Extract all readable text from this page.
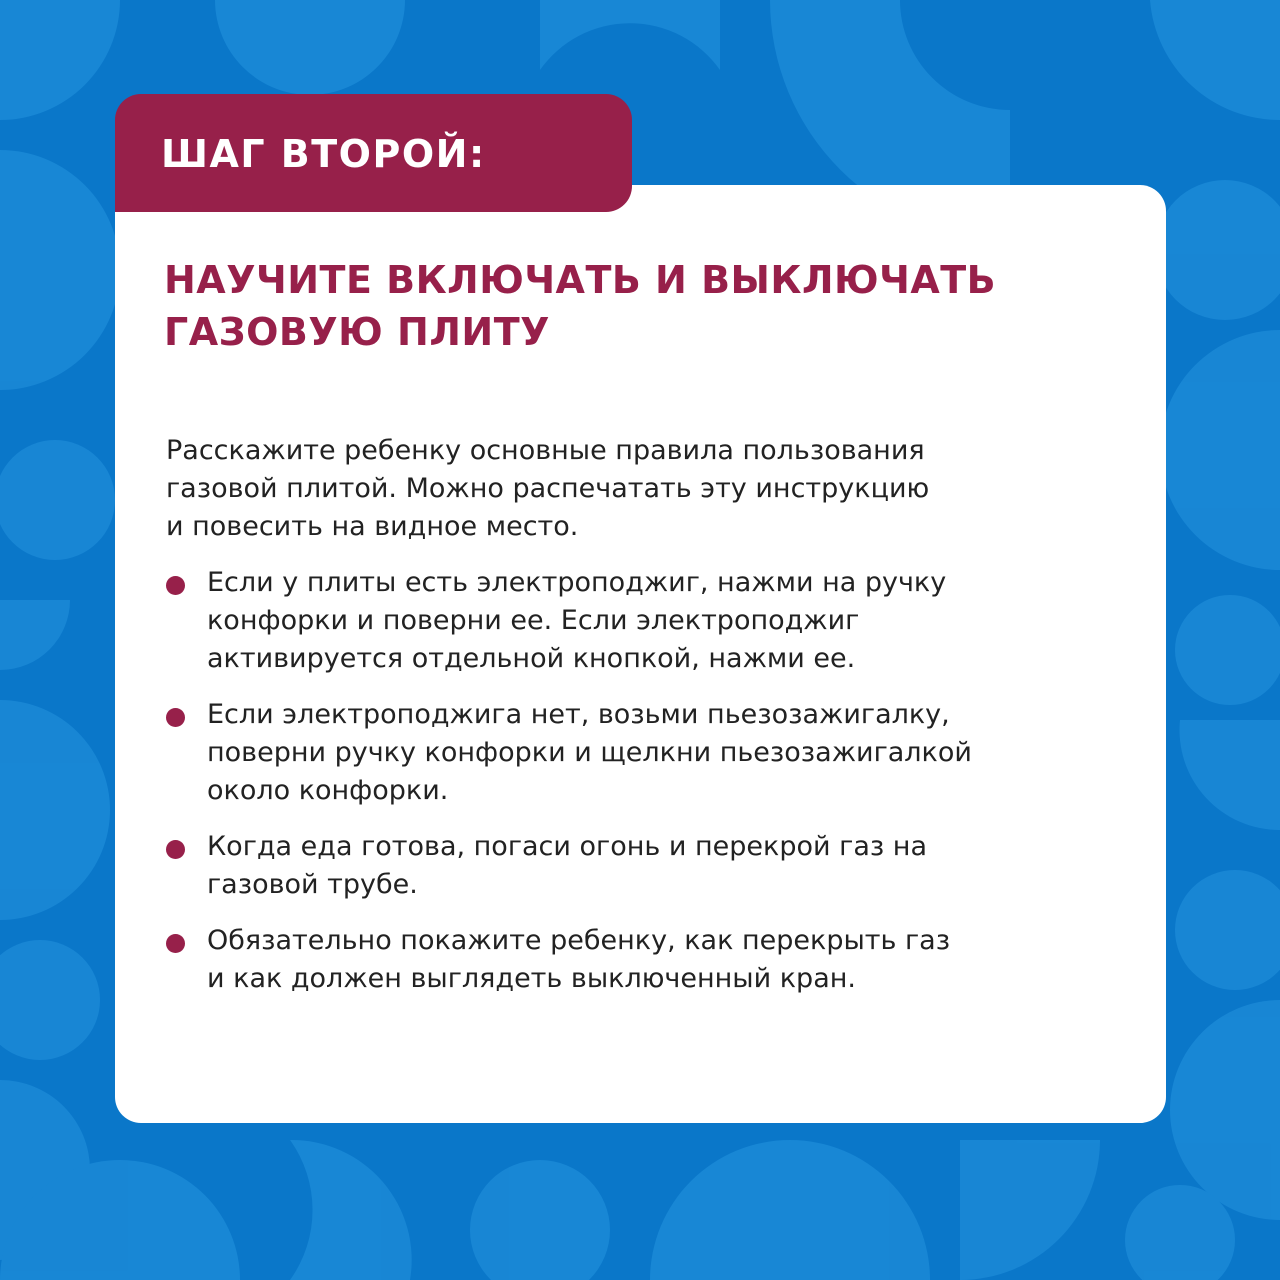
ШАГ ВТОРОЙ:
НАУЧИТЕ ВКЛЮЧАТЬ И ВЫКЛЮЧАТЬ
ГАЗОВУЮ ПЛИТУ

Расскажите ребенку основные правила пользования
газовой плитой. Можно распечатать эту инструкцию
и повесить на видное место.

Если у плиты есть электроподжиг, нажми на ручку
конфорки и поверни ее. Если электроподжиг
активируется отдельной кнопкой, нажми ее.
Если электроподжига нет, возьми пьезозажигалку,
поверни ручку конфорки и щелкни пьезозажигалкой
около конфорки.
Когда еда готова, погаси огонь и перекрой газ на
газовой трубе.
Обязательно покажите ребенку, как перекрыть газ
и как должен выглядеть выключенный кран.
